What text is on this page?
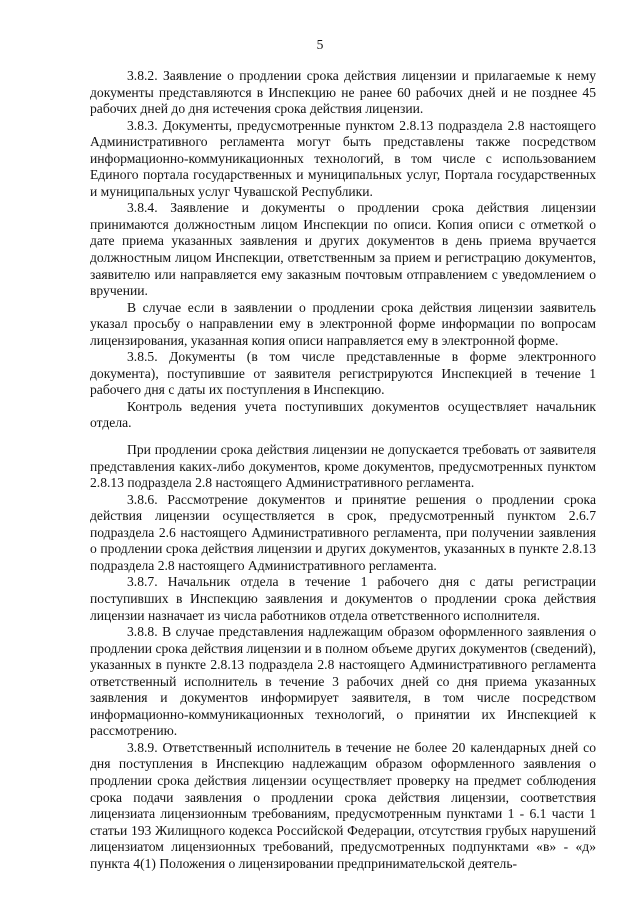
5

3.8.2. Заявление о продлении срока действия лицензии и прилагаемые к нему документы представляются в Инспекцию не ранее 60 рабочих дней и не позднее 45 рабочих дней до дня истечения срока действия лицензии.

3.8.3. Документы, предусмотренные пунктом 2.8.13 подраздела 2.8 настоящего Административного регламента могут быть представлены также посредством информационно-коммуникационных технологий, в том числе с использованием Единого портала государственных и муниципальных услуг, Портала государственных и муниципальных услуг Чувашской Республики.

3.8.4. Заявление и документы о продлении срока действия лицензии принимаются должностным лицом Инспекции по описи. Копия описи с отметкой о дате приема указанных заявления и других документов в день приема вручается должностным лицом Инспекции, ответственным за прием и регистрацию документов, заявителю или направляется ему заказным почтовым отправлением с уведомлением о вручении.

В случае если в заявлении о продлении срока действия лицензии заявитель указал просьбу о направлении ему в электронной форме информации по вопросам лицензирования, указанная копия описи направляется ему в электронной форме.

3.8.5. Документы (в том числе представленные в форме электронного документа), поступившие от заявителя регистрируются Инспекцией в течение 1 рабочего дня с даты их поступления в Инспекцию.

Контроль ведения учета поступивших документов осуществляет начальник отдела.

При продлении срока действия лицензии не допускается требовать от заявителя представления каких-либо документов, кроме документов, предусмотренных пунктом 2.8.13 подраздела 2.8 настоящего Административного регламента.

3.8.6. Рассмотрение документов и принятие решения о продлении срока действия лицензии осуществляется в срок, предусмотренный пунктом 2.6.7 подраздела 2.6 настоящего Административного регламента, при получении заявления о продлении срока действия лицензии и других документов, указанных в пункте 2.8.13 подраздела 2.8 настоящего Административного регламента.

3.8.7. Начальник отдела в течение 1 рабочего дня с даты регистрации поступивших в Инспекцию заявления и документов о продлении срока действия лицензии назначает из числа работников отдела ответственного исполнителя.

3.8.8. В случае представления надлежащим образом оформленного заявления о продлении срока действия лицензии и в полном объеме других документов (сведений), указанных в пункте 2.8.13 подраздела 2.8 настоящего Административного регламента ответственный исполнитель в течение 3 рабочих дней со дня приема указанных заявления и документов информирует заявителя, в том числе посредством информационно-коммуникационных технологий, о принятии их Инспекцией к рассмотрению.

3.8.9. Ответственный исполнитель в течение не более 20 календарных дней со дня поступления в Инспекцию надлежащим образом оформленного заявления о продлении срока действия лицензии осуществляет проверку на предмет соблюдения срока подачи заявления о продлении срока действия лицензии, соответствия лицензиата лицензионным требованиям, предусмотренным пунктами 1 - 6.1 части 1 статьи 193 Жилищного кодекса Российской Федерации, отсутствия грубых нарушений лицензиатом лицензионных требований, предусмотренных подпунктами «в» - «д» пункта 4(1) Положения о лицензировании предпринимательской деятель-
